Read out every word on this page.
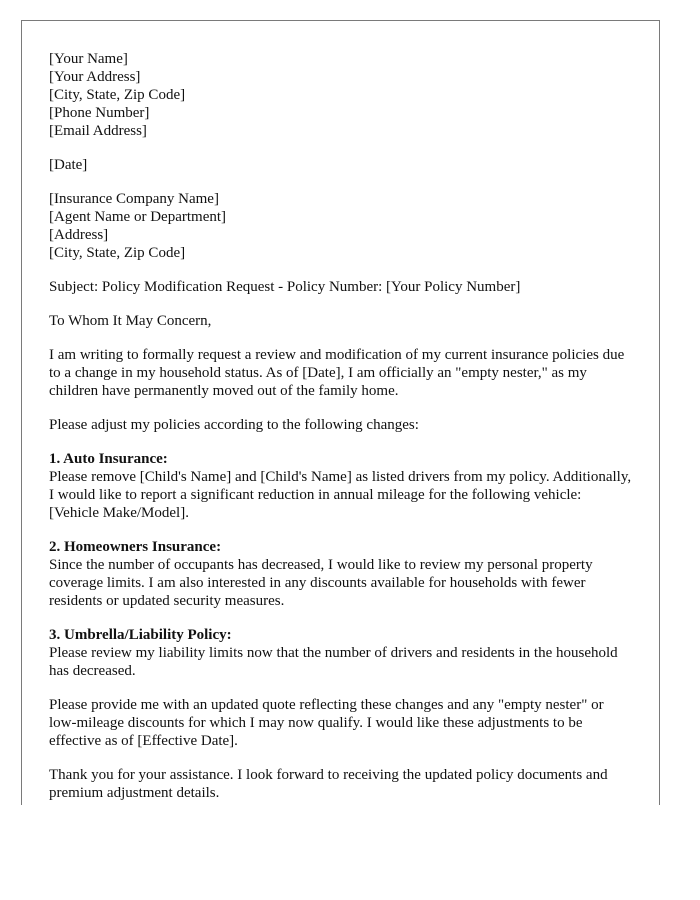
[Your Name]
[Your Address]
[City, State, Zip Code]
[Phone Number]
[Email Address]
[Date]
[Insurance Company Name]
[Agent Name or Department]
[Address]
[City, State, Zip Code]

Subject: Policy Modification Request - Policy Number: [Your Policy Number]

To Whom It May Concern,

I am writing to formally request a review and modification of my current insurance policies due to a change in my household status. As of [Date], I am officially an "empty nester," as my children have permanently moved out of the family home.

Please adjust my policies according to the following changes:

1. Auto Insurance:
Please remove [Child's Name] and [Child's Name] as listed drivers from my policy. Additionally, I would like to report a significant reduction in annual mileage for the following vehicle: [Vehicle Make/Model].
2. Homeowners Insurance:
Since the number of occupants has decreased, I would like to review my personal property coverage limits. I am also interested in any discounts available for households with fewer residents or updated security measures.
3. Umbrella/Liability Policy:
Please review my liability limits now that the number of drivers and residents in the household has decreased.

Please provide me with an updated quote reflecting these changes and any "empty nester" or low-mileage discounts for which I may now qualify. I would like these adjustments to be effective as of [Effective Date].

Thank you for your assistance. I look forward to receiving the updated policy documents and premium adjustment details.
